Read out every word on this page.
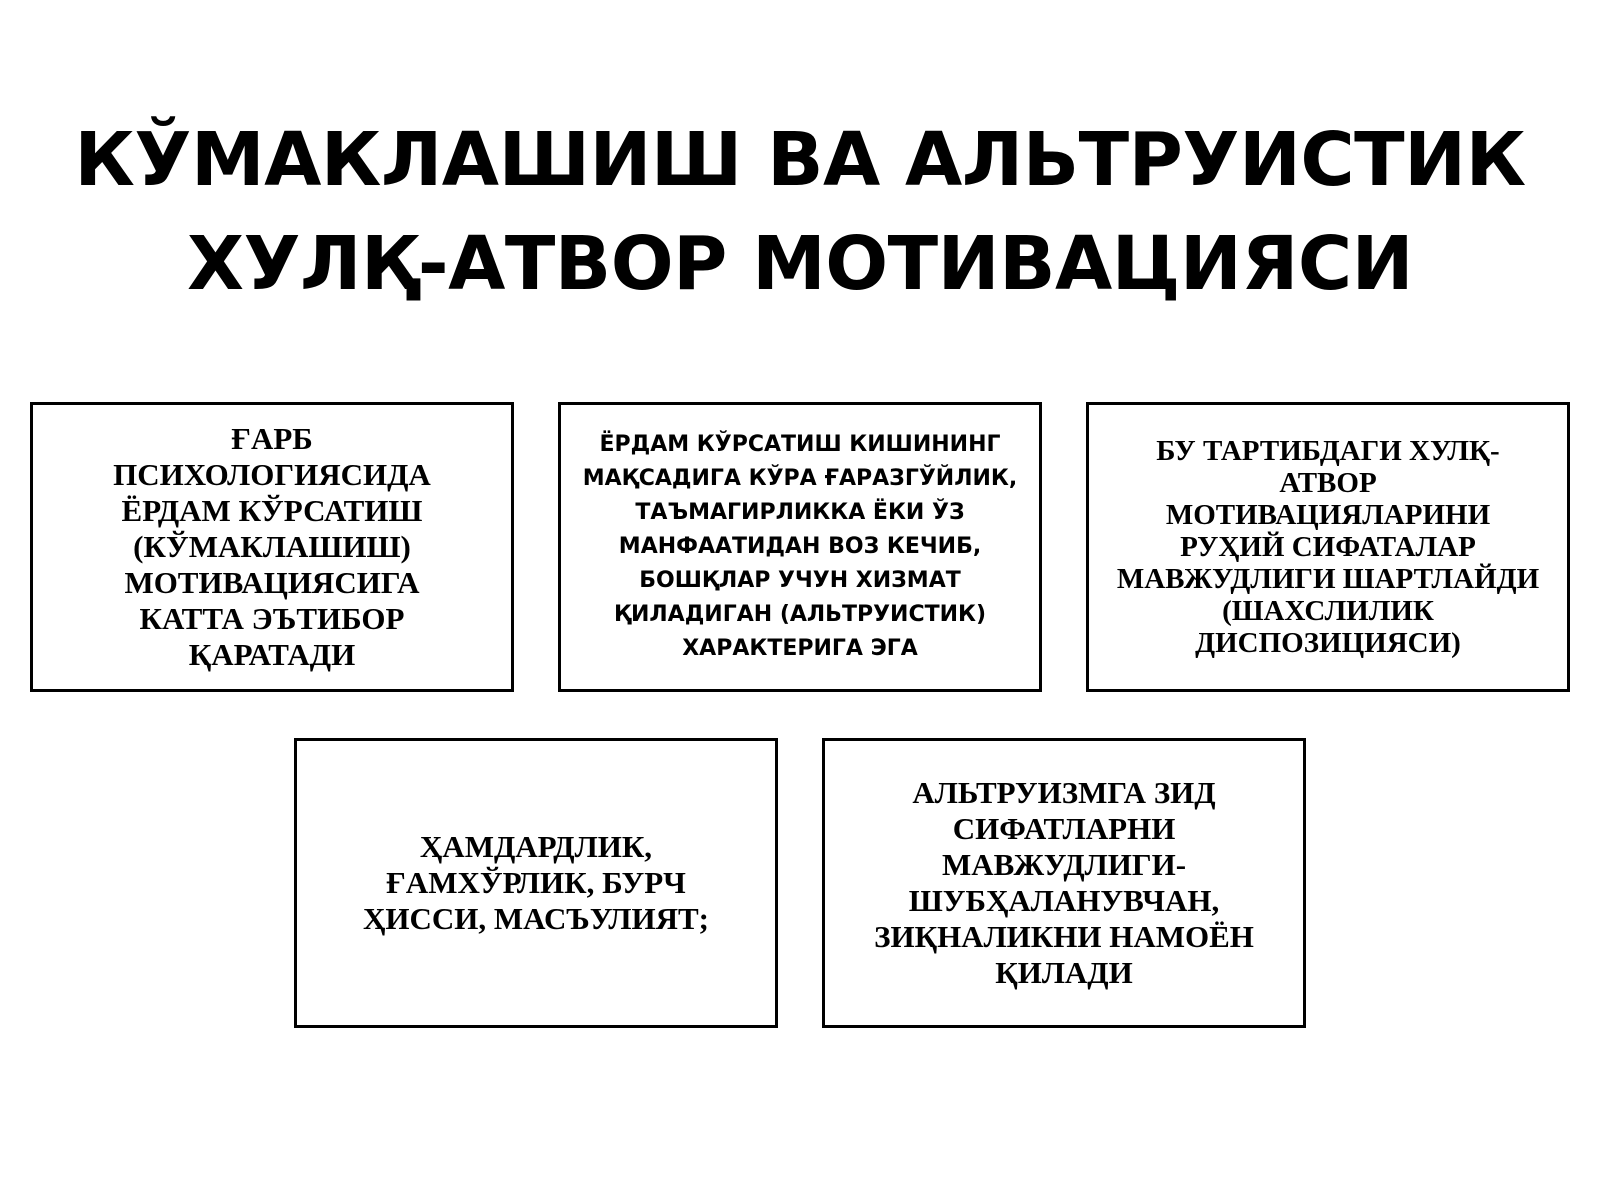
КЎМАКЛАШИШ ВА АЛЬТРУИСТИК
ХУЛҚ-АТВОР МОТИВАЦИЯСИ
ҒАРБ
ПСИХОЛОГИЯСИДА
ЁРДАМ КЎРСАТИШ
(КЎМАКЛАШИШ)
МОТИВАЦИЯСИГА
КАТТА ЭЪТИБОР
ҚАРАТАДИ
ЁРДАМ КЎРСАТИШ КИШИНИНГ
МАҚСАДИГА КЎРА ҒАРАЗГЎЙЛИК,
ТАЪМАГИРЛИККА ЁКИ ЎЗ
МАНФААТИДАН ВОЗ КЕЧИБ,
БОШҚЛАР УЧУН ХИЗМАТ
ҚИЛАДИГАН (АЛЬТРУИСТИК)
ХАРАКТЕРИГА ЭГА
БУ ТАРТИБДАГИ ХУЛҚ-
АТВОР
МОТИВАЦИЯЛАРИНИ
РУҲИЙ СИФАТАЛАР
МАВЖУДЛИГИ ШАРТЛАЙДИ
(ШАХСЛИЛИК
ДИСПОЗИЦИЯСИ)
ҲАМДАРДЛИК,
ҒАМХЎРЛИК, БУРЧ
ҲИССИ, МАСЪУЛИЯТ;
АЛЬТРУИЗМГА ЗИД
СИФАТЛАРНИ
МАВЖУДЛИГИ-
ШУБҲАЛАНУВЧАН,
ЗИҚНАЛИКНИ НАМОЁН
ҚИЛАДИ
